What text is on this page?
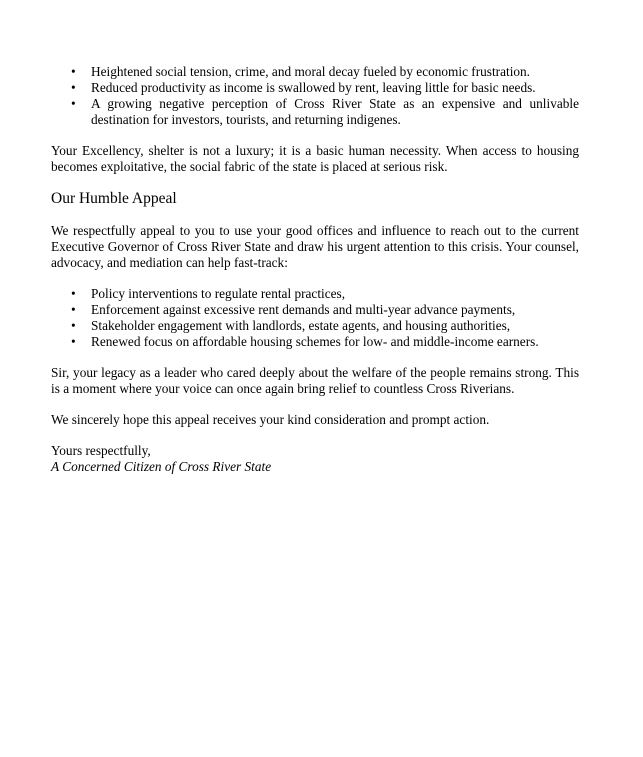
• Heightened social tension, crime, and moral decay fueled by economic frustration.
• Reduced productivity as income is swallowed by rent, leaving little for basic needs.
• A growing negative perception of Cross River State as an expensive and unlivable destination for investors, tourists, and returning indigenes.

Your Excellency, shelter is not a luxury; it is a basic human necessity. When access to housing becomes exploitative, the social fabric of the state is placed at serious risk.

Our Humble Appeal

We respectfully appeal to you to use your good offices and influence to reach out to the current Executive Governor of Cross River State and draw his urgent attention to this crisis. Your counsel, advocacy, and mediation can help fast-track:

• Policy interventions to regulate rental practices,
• Enforcement against excessive rent demands and multi-year advance payments,
• Stakeholder engagement with landlords, estate agents, and housing authorities,
• Renewed focus on affordable housing schemes for low- and middle-income earners.

Sir, your legacy as a leader who cared deeply about the welfare of the people remains strong. This is a moment where your voice can once again bring relief to countless Cross Riverians.

We sincerely hope this appeal receives your kind consideration and prompt action.

Yours respectfully,

A Concerned Citizen of Cross River State
